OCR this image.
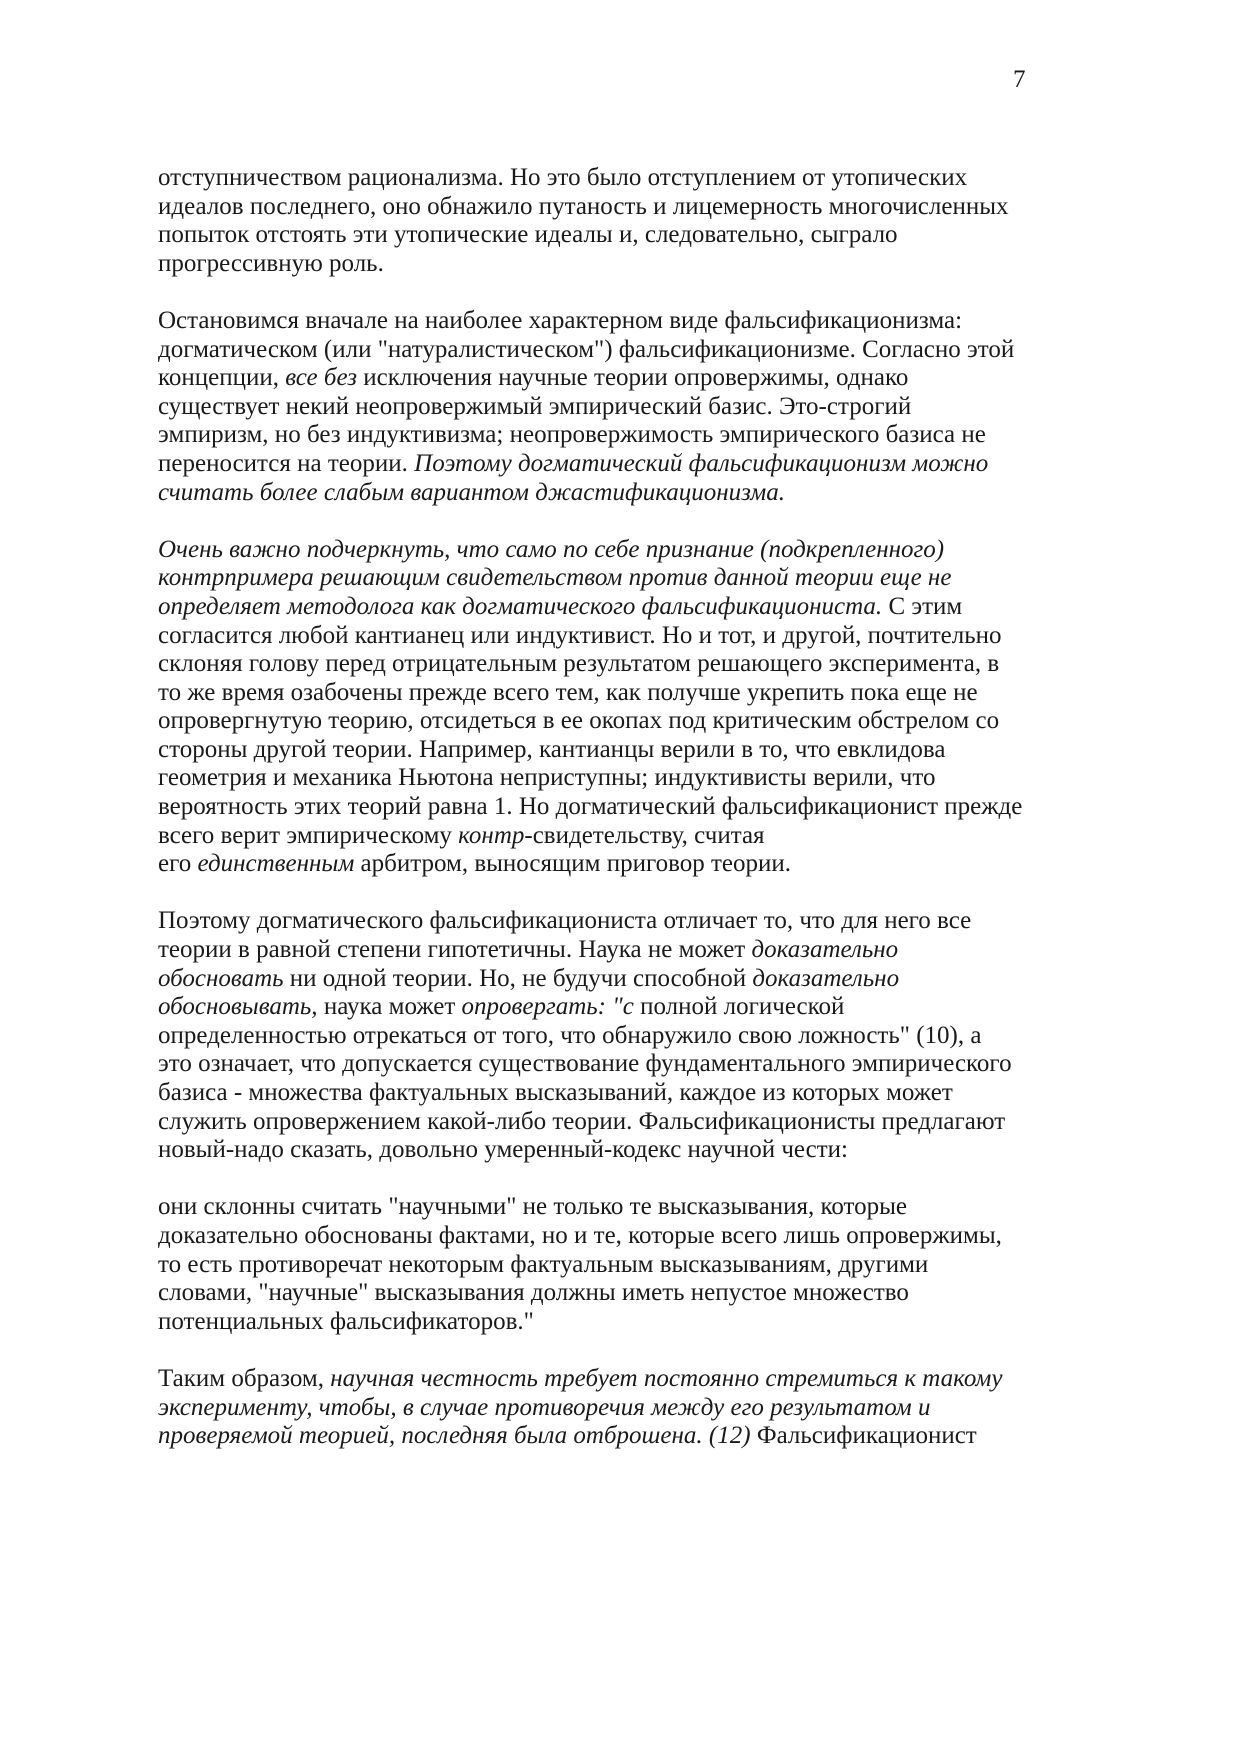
7
отступничеством рационализма. Но это было отступлением от утопических
идеалов последнего, оно обнажило путаность и лицемерность многочисленных
попыток отстоять эти утопические идеалы и, следовательно, сыграло
прогрессивную роль.
Остановимся вначале на наиболее характерном виде фальсификационизма:
догматическом (или "натуралистическом") фальсификационизме. Согласно этой
концепции, все без исключения научные теории опровержимы, однако
существует некий неопровержимый эмпирический базис. Это-строгий
эмпиризм, но без индуктивизма; неопровержимость эмпирического базиса не
переносится на теории. Поэтому догматический фальсификационизм можно
считать более слабым вариантом джастификационизма.
Очень важно подчеркнуть, что само по себе признание (подкрепленного)
контрпримера решающим свидетельством против данной теории еще не
определяет методолога как догматического фальсификациониста. С этим
согласится любой кантианец или индуктивист. Но и тот, и другой, почтительно
склоняя голову перед отрицательным результатом решающего эксперимента, в
то же время озабочены прежде всего тем, как получше укрепить пока еще не
опровергнутую теорию, отсидеться в ее окопах под критическим обстрелом со
стороны другой теории. Например, кантианцы верили в то, что евклидова
геометрия и механика Ньютона неприступны; индуктивисты верили, что
вероятность этих теорий равна 1. Но догматический фальсификационист прежде
всего верит эмпирическому контр-свидетельству, считая
его единственным арбитром, выносящим приговор теории.
Поэтому догматического фальсификациониста отличает то, что для него все
теории в равной степени гипотетичны. Наука не может доказательно
обосновать ни одной теории. Но, не будучи способной доказательно
обосновывать, наука может опровергать: "с полной логической
определенностью отрекаться от того, что обнаружило свою ложность" (10), а
это означает, что допускается существование фундаментального эмпирического
базиса - множества фактуальных высказываний, каждое из которых может
служить опровержением какой-либо теории. Фальсификационисты предлагают
новый-надо сказать, довольно умеренный-кодекс научной чести:
они склонны считать "научными" не только те высказывания, которые
доказательно обоснованы фактами, но и те, которые всего лишь опровержимы,
то есть противоречат некоторым фактуальным высказываниям, другими
словами, "научные" высказывания должны иметь непустое множество
потенциальных фальсификаторов."
Таким образом, научная честность требует постоянно стремиться к такому
эксперименту, чтобы, в случае противоречия между его результатом и
проверяемой теорией, последняя была отброшена. (12) Фальсификационист
